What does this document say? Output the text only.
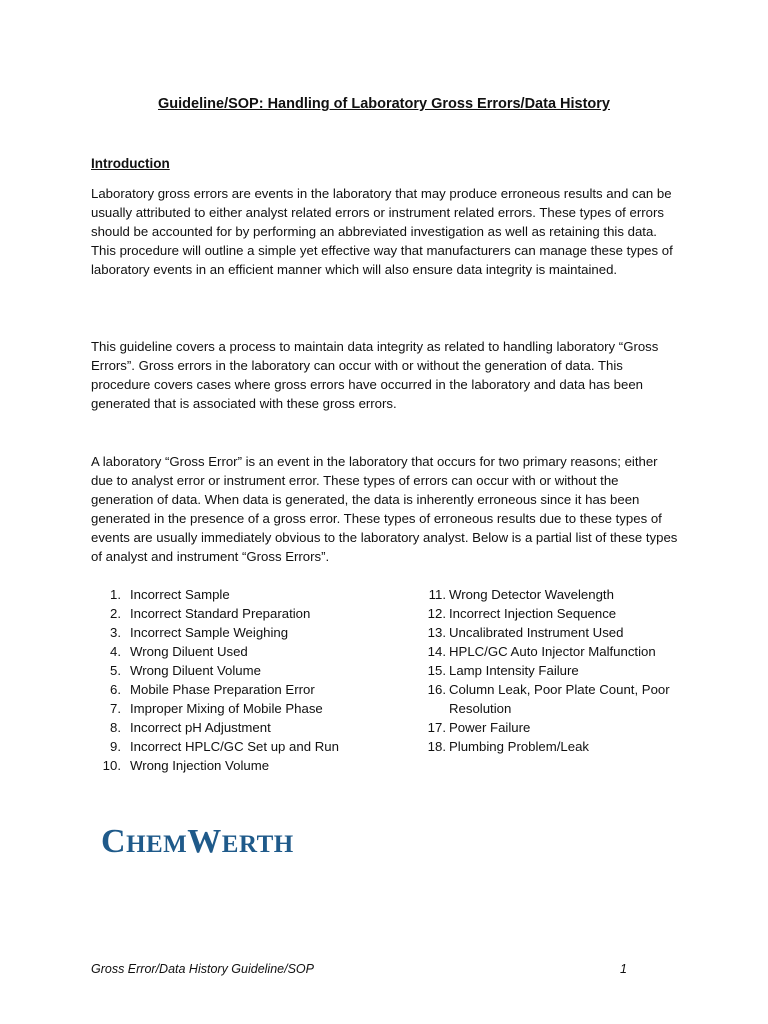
Guideline/SOP: Handling of Laboratory Gross Errors/Data History
Introduction

Laboratory gross errors are events in the laboratory that may produce erroneous results and can be usually attributed to either analyst related errors or instrument related errors. These types of errors should be accounted for by performing an abbreviated investigation as well as retaining this data. This procedure will outline a simple yet effective way that manufacturers can manage these types of laboratory events in an efficient manner which will also ensure data integrity is maintained.

This guideline covers a process to maintain data integrity as related to handling laboratory “Gross Errors”. Gross errors in the laboratory can occur with or without the generation of data. This procedure covers cases where gross errors have occurred in the laboratory and data has been generated that is associated with these gross errors.

A laboratory “Gross Error” is an event in the laboratory that occurs for two primary reasons; either due to analyst error or instrument error. These types of errors can occur with or without the generation of data. When data is generated, the data is inherently erroneous since it has been generated in the presence of a gross error. These types of erroneous results due to these types of events are usually immediately obvious to the laboratory analyst. Below is a partial list of these types of analyst and instrument “Gross Errors”.

1. Incorrect Sample
2. Incorrect Standard Preparation
3. Incorrect Sample Weighing
4. Wrong Diluent Used
5. Wrong Diluent Volume
6. Mobile Phase Preparation Error
7. Improper Mixing of Mobile Phase
8. Incorrect pH Adjustment
9. Incorrect HPLC/GC Set up and Run
10. Wrong Injection Volume
11. Wrong Detector Wavelength
12. Incorrect Injection Sequence
13. Uncalibrated Instrument Used
14. HPLC/GC Auto Injector Malfunction
15. Lamp Intensity Failure
16. Column Leak, Poor Plate Count, Poor Resolution
17. Power Failure
18. Plumbing Problem/Leak
CHEMWERTH
Gross Error/Data History Guideline/SOP	1
